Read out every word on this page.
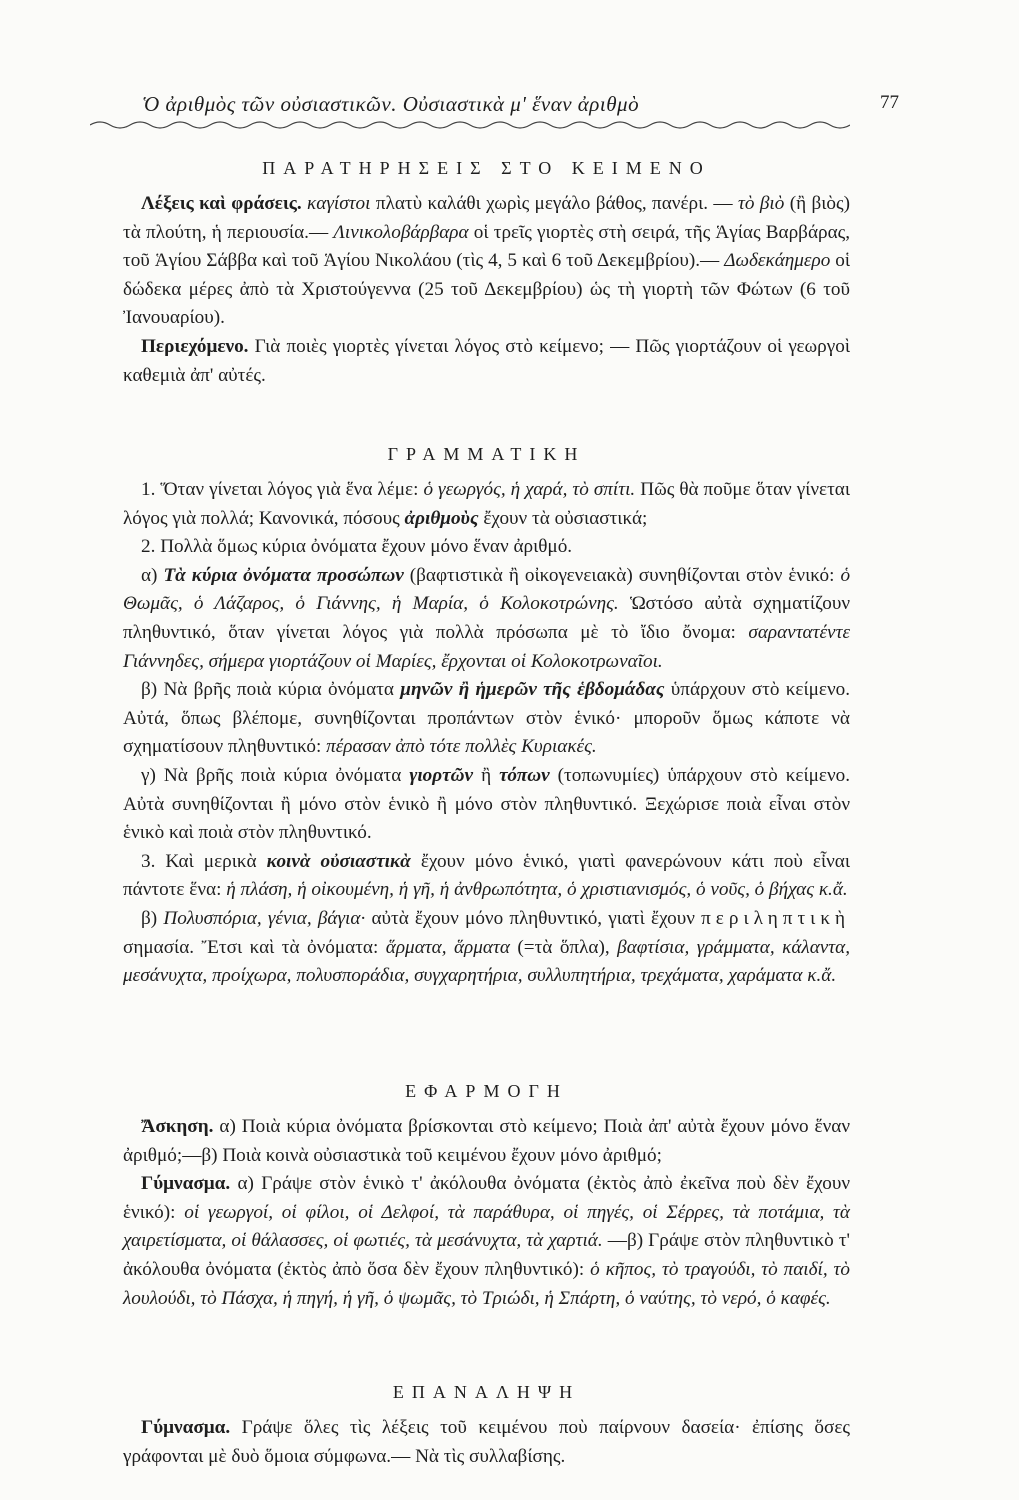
Ὁ ἀριθμὸς τῶν οὐσιαστικῶν. Οὐσιαστικὰ μ' ἕναν ἀριθμὸ	77
ΠΑΡΑΤΗΡΗΣΕΙΣ ΣΤΟ ΚΕΙΜΕΝΟ

Λέξεις καὶ φράσεις. καγίστοι πλατὺ καλάθι χωρὶς μεγάλο βάθος, πανέρι. — τὸ βιὸ (ἢ βιὸς) τὰ πλούτη, ἡ περιουσία.— Λινικολοβάρβαρα οἱ τρεῖς γιορτὲς στὴ σειρά, τῆς Ἁγίας Βαρβάρας, τοῦ Ἁγίου Σάββα καὶ τοῦ Ἁγίου Νικολάου (τὶς 4, 5 καὶ 6 τοῦ Δεκεμβρίου).— Δωδεκάημερο οἱ δώδεκα μέρες ἀπὸ τὰ Χριστούγεννα (25 τοῦ Δεκεμβρίου) ὡς τὴ γιορτὴ τῶν Φώτων (6 τοῦ Ἰανουαρίου).

Περιεχόμενο. Γιὰ ποιὲς γιορτὲς γίνεται λόγος στὸ κείμενο; — Πῶς γιορτάζουν οἱ γεωργοὶ καθεμιὰ ἀπ' αὐτές.

ΓΡΑΜΜΑΤΙΚΗ

1. Ὅταν γίνεται λόγος γιὰ ἕνα λέμε: ὁ γεωργός, ἡ χαρά, τὸ σπίτι. Πῶς θὰ ποῦμε ὅταν γίνεται λόγος γιὰ πολλά; Κανονικά, πόσους ἀριθμοὺς ἔχουν τὰ οὐσιαστικά;

2. Πολλὰ ὅμως κύρια ὀνόματα ἔχουν μόνο ἕναν ἀριθμό.

α) Τὰ κύρια ὀνόματα προσώπων (βαφτιστικὰ ἢ οἰκογενειακὰ) συνηθίζονται στὸν ἑνικό: ὁ Θωμᾶς, ὁ Λάζαρος, ὁ Γιάννης, ἡ Μαρία, ὁ Κολοκοτρώνης. Ὡστόσο αὐτὰ σχηματίζουν πληθυντικό, ὅταν γίνεται λόγος γιὰ πολλὰ πρόσωπα μὲ τὸ ἴδιο ὄνομα: σαραντατέντε Γιάννηδες, σήμερα γιορτάζουν οἱ Μαρίες, ἔρχονται οἱ Κολοκοτρωναῖοι.

β) Νὰ βρῆς ποιὰ κύρια ὀνόματα μηνῶν ἢ ἡμερῶν τῆς ἑβδομάδας ὑπάρχουν στὸ κείμενο. Αὐτά, ὅπως βλέπομε, συνηθίζονται προπάντων στὸν ἑνικό· μποροῦν ὅμως κάποτε νὰ σχηματίσουν πληθυντικό: πέρασαν ἀπὸ τότε πολλὲς Κυριακές.

γ) Νὰ βρῆς ποιὰ κύρια ὀνόματα γιορτῶν ἢ τόπων (τοπωνυμίες) ὑπάρχουν στὸ κείμενο. Αὐτὰ συνηθίζονται ἢ μόνο στὸν ἑνικὸ ἢ μόνο στὸν πληθυντικό. Ξεχώρισε ποιὰ εἶναι στὸν ἑνικὸ καὶ ποιὰ στὸν πληθυντικό.

3. Καὶ μερικὰ κοινὰ οὐσιαστικὰ ἔχουν μόνο ἑνικό, γιατὶ φανερώνουν κάτι ποὺ εἶναι πάντοτε ἕνα: ἡ πλάση, ἡ οἰκουμένη, ἡ γῆ, ἡ ἀνθρωπότητα, ὁ χριστιανισμός, ὁ νοῦς, ὁ βήχας κ.ἄ.

β) Πολυσπόρια, γένια, βάγια· αὐτὰ ἔχουν μόνο πληθυντικό, γιατὶ ἔχουν περιληπτικὴ σημασία. Ἔτσι καὶ τὰ ὀνόματα: ἅρματα, ἅρματα (=τὰ ὅπλα), βαφτίσια, γράμματα, κάλαντα, μεσάνυχτα, προίχωρα, πολυσποράδια, συγχαρητήρια, συλλυπητήρια, τρεχάματα, χαράματα κ.ἄ.

ΕΦΑΡΜΟΓΗ

Ἄσκηση. α) Ποιὰ κύρια ὀνόματα βρίσκονται στὸ κείμενο; Ποιὰ ἀπ' αὐτὰ ἔχουν μόνο ἕναν ἀριθμό;—β) Ποιὰ κοινὰ οὐσιαστικὰ τοῦ κειμένου ἔχουν μόνο ἀριθμό;

Γύμνασμα. α) Γράψε στὸν ἑνικὸ τ' ἀκόλουθα ὀνόματα (ἐκτὸς ἀπὸ ἐκεῖνα ποὺ δὲν ἔχουν ἑνικό): οἱ γεωργοί, οἱ φίλοι, οἱ Δελφοί, τὰ παράθυρα, οἱ πηγές, οἱ Σέρρες, τὰ ποτάμια, τὰ χαιρετίσματα, οἱ θάλασσες, οἱ φωτιές, τὰ μεσάνυχτα, τὰ χαρτιά. —β) Γράψε στὸν πληθυντικὸ τ' ἀκόλουθα ὀνόματα (ἐκτὸς ἀπὸ ὅσα δὲν ἔχουν πληθυντικό): ὁ κῆπος, τὸ τραγούδι, τὸ παιδί, τὸ λουλούδι, τὸ Πάσχα, ἡ πηγή, ἡ γῆ, ὁ ψωμᾶς, τὸ Τριώδι, ἡ Σπάρτη, ὁ ναύτης, τὸ νερό, ὁ καφές.

ΕΠΑΝΑΛΗΨΗ

Γύμνασμα. Γράψε ὅλες τὶς λέξεις τοῦ κειμένου ποὺ παίρνουν δασεία· ἐπίσης ὅσες γράφονται μὲ δυὸ ὅμοια σύμφωνα.— Νὰ τὶς συλλαβίσης.
